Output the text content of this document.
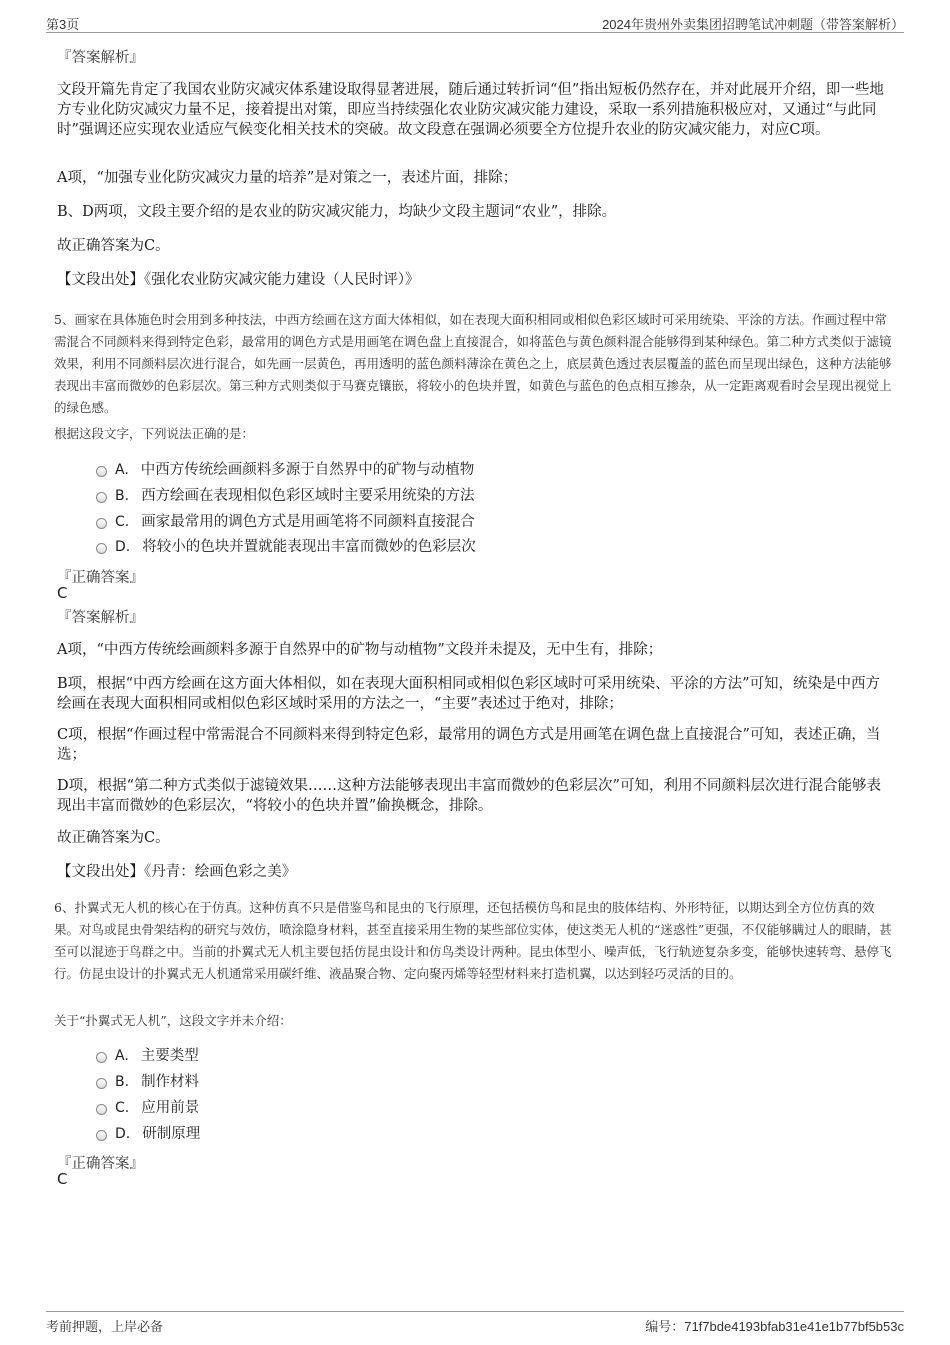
第3页	2024年贵州外卖集团招聘笔试冲刺题（带答案解析）
『答案解析』
文段开篇先肯定了我国农业防灾减灾体系建设取得显著进展，随后通过转折词“但”指出短板仍然存在，并对此展开介绍，即一些地方专业化防灾减灾力量不足，接着提出对策，即应当持续强化农业防灾减灾能力建设，采取一系列措施积极应对，又通过“与此同时”强调还应实现农业适应气候变化相关技术的突破。故文段意在强调必须要全方位提升农业的防灾减灾能力，对应C项。
A项，“加强专业化防灾减灾力量的培养”是对策之一，表述片面，排除；
B、D两项，文段主要介绍的是农业的防灾减灾能力，均缺少文段主题词“农业”，排除。
故正确答案为C。
【文段出处】《强化农业防灾减灾能力建设（人民时评）》
5、画家在具体施色时会用到多种技法，中西方绘画在这方面大体相似，如在表现大面积相同或相似色彩区域时可采用统染、平涂的方法。作画过程中常需混合不同颜料来得到特定色彩，最常用的调色方式是用画笔在调色盘上直接混合，如将蓝色与黄色颜料混合能够得到某种绿色。第二种方式类似于滤镜效果，利用不同颜料层次进行混合，如先画一层黄色，再用透明的蓝色颜料薄涂在黄色之上，底层黄色透过表层覆盖的蓝色而呈现出绿色，这种方法能够表现出丰富而微妙的色彩层次。第三种方式则类似于马赛克镶嵌，将较小的色块并置，如黄色与蓝色的色点相互掺杂，从一定距离观看时会呈现出视觉上的绿色感。
根据这段文字，下列说法正确的是：
A. 中西方传统绘画颜料多源于自然界中的矿物与动植物
B. 西方绘画在表现相似色彩区域时主要采用统染的方法
C. 画家最常用的调色方式是用画笔将不同颜料直接混合
D. 将较小的色块并置就能表现出丰富而微妙的色彩层次
『正确答案』
C
『答案解析』
A项，“中西方传统绘画颜料多源于自然界中的矿物与动植物”文段并未提及，无中生有，排除；
B项，根据“中西方绘画在这方面大体相似，如在表现大面积相同或相似色彩区域时可采用统染、平涂的方法”可知，统染是中西方绘画在表现大面积相同或相似色彩区域时采用的方法之一，“主要”表述过于绝对，排除；
C项，根据“作画过程中常需混合不同颜料来得到特定色彩，最常用的调色方式是用画笔在调色盘上直接混合”可知，表述正确，当选；
D项，根据“第二种方式类似于滤镜效果……这种方法能够表现出丰富而微妙的色彩层次”可知，利用不同颜料层次进行混合能够表现出丰富而微妙的色彩层次，“将较小的色块并置”偷换概念，排除。
故正确答案为C。
【文段出处】《丹青：绘画色彩之美》
6、扑翼式无人机的核心在于仿真。这种仿真不只是借鉴鸟和昆虫的飞行原理，还包括模仿鸟和昆虫的肢体结构、外形特征，以期达到全方位仿真的效果。对鸟或昆虫骨架结构的研究与效仿，喷涂隐身材料，甚至直接采用生物的某些部位实体，使这类无人机的“迷惑性”更强，不仅能够瞒过人的眼睛，甚至可以混迹于鸟群之中。当前的扑翼式无人机主要包括仿昆虫设计和仿鸟类设计两种。昆虫体型小、噪声低，飞行轨迹复杂多变，能够快速转弯、悬停飞行。仿昆虫设计的扑翼式无人机通常采用碳纤维、液晶聚合物、定向聚丙烯等轻型材料来打造机翼，以达到轻巧灵活的目的。
关于“扑翼式无人机”，这段文字并未介绍：
A. 主要类型
B. 制作材料
C. 应用前景
D. 研制原理
『正确答案』
C
考前押题，上岸必备	编号：71f7bde4193bfab31e41e1b77bf5b53c
